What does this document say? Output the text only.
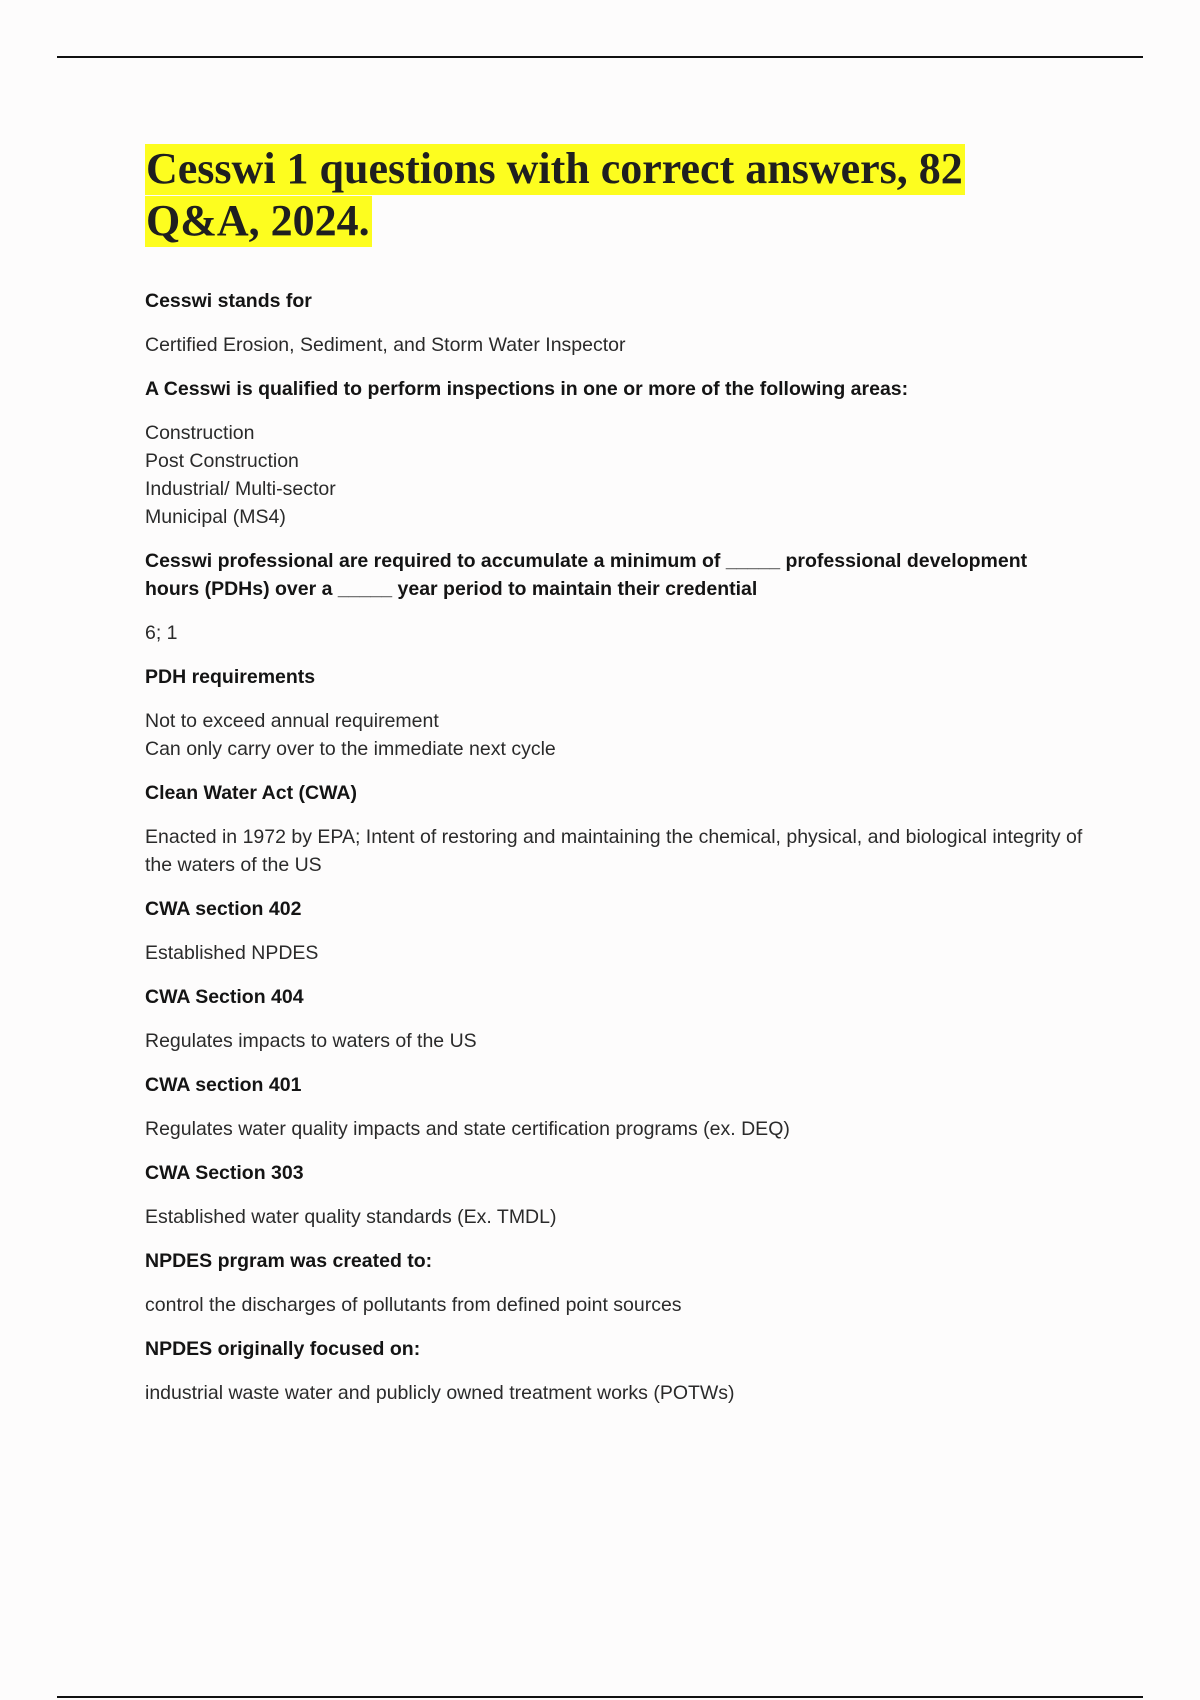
Cesswi 1 questions with correct answers, 82 Q&A, 2024.

Cesswi stands for

Certified Erosion, Sediment, and Storm Water Inspector

A Cesswi is qualified to perform inspections in one or more of the following areas:

Construction
Post Construction
Industrial/ Multi-sector
Municipal (MS4)

Cesswi professional are required to accumulate a minimum of _____ professional development hours (PDHs) over a _____ year period to maintain their credential

6; 1

PDH requirements

Not to exceed annual requirement
Can only carry over to the immediate next cycle

Clean Water Act (CWA)

Enacted in 1972 by EPA; Intent of restoring and maintaining the chemical, physical, and biological integrity of the waters of the US

CWA section 402

Established NPDES

CWA Section 404

Regulates impacts to waters of the US

CWA section 401

Regulates water quality impacts and state certification programs (ex. DEQ)

CWA Section 303

Established water quality standards (Ex. TMDL)

NPDES prgram was created to:

control the discharges of pollutants from defined point sources

NPDES originally focused on:

industrial waste water and publicly owned treatment works (POTWs)
